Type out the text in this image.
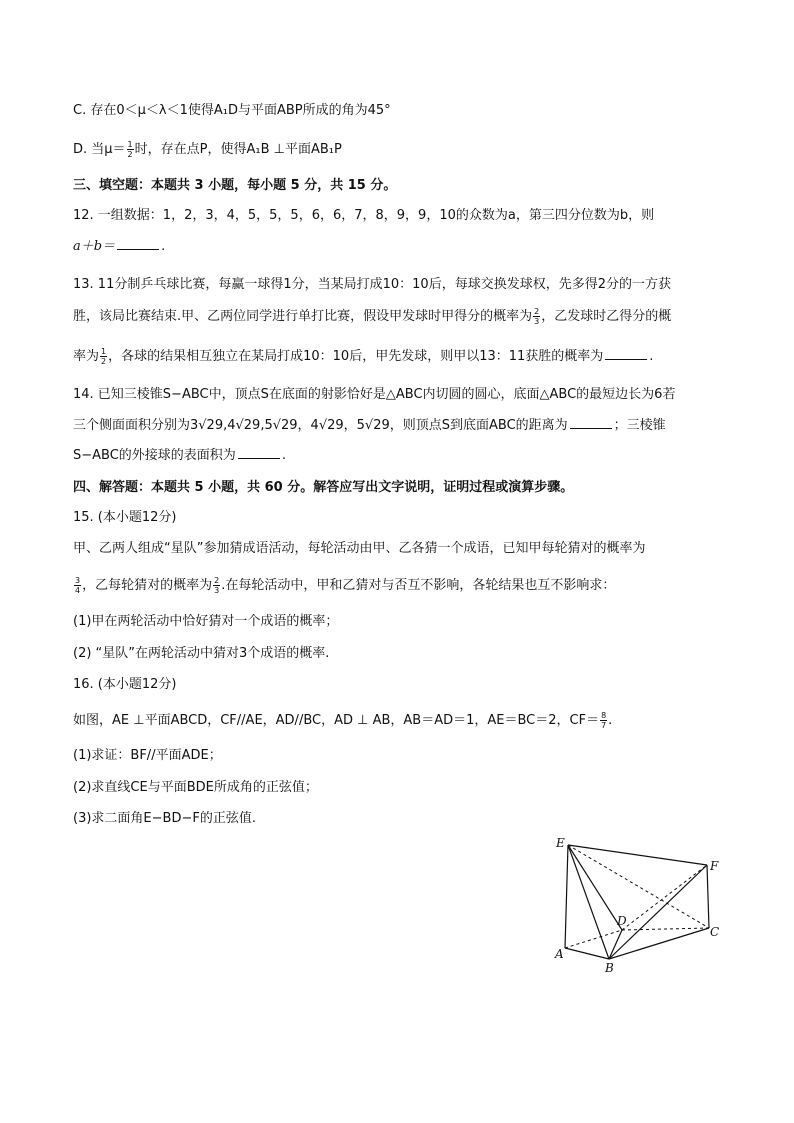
C. 存在0＜μ＜λ＜1使得A₁D与平面ABP所成的角为45°
D. 当$\mu= \frac{1}{2}$ 时，存在点P，使得A₁B ⊥平面AB₁P
三、填空题：本题共 3 小题，每小题 5 分，共 15 分。
12. 一组数据：1，2，3，4，5，5，5，6，6，7，8，9，9，10的众数为a，第三四分位数为b，则
a＋b＝	.
13. 11分制乒乓球比赛，每赢一球得1分，当某局打成10：10后，每球交换发球权，先多得2分的一方获
胜，该局比赛结束.甲、乙两位同学进行单打比赛，假设甲发球时甲得分的概率为 $\frac{2}{3}$ ，乙发球时乙得分的概
率为 $\frac{1}{2}$ ，各球的结果相互独立在某局打成10：10后，甲先发球，则甲以13：11获胜的概率为	.
14. 已知三棱锥S−ABC中，顶点S在底面的射影恰好是△ABC内切圆的圆心，底面△ABC的最短边长为6若
三个侧面面积分别为3√29,4√29,5√29，4√29，5√29，则顶点S到底面ABC的距离为	；三棱锥
S−ABC的外接球的表面积为	.
四、解答题：本题共 5 小题，共 60 分。解答应写出文字说明，证明过程或演算步骤。
15. (本小题12分)
甲、乙两人组成“星队”参加猜成语活动，每轮活动由甲、乙各猜一个成语，已知甲每轮猜对的概率为
$\frac{3}{4}$ ，乙每轮猜对的概率为 $\frac{2}{3}$ .在每轮活动中，甲和乙猜对与否互不影响，各轮结果也互不影响求：
(1)甲在两轮活动中恰好猜对一个成语的概率；
(2) “星队”在两轮活动中猜对3个成语的概率.
16. (本小题12分)
如图，AE ⊥平面ABCD，CF//AE，AD//BC，AD ⊥ AB，AB＝AD＝1，AE＝BC＝2，$CF= \frac{8}{7}$ .
(1)求证：BF//平面ADE；
(2)求直线CE与平面BDE所成角的正弦值；
(3)求二面角E−BD−F的正弦值.
E
F
D
C
A
B
